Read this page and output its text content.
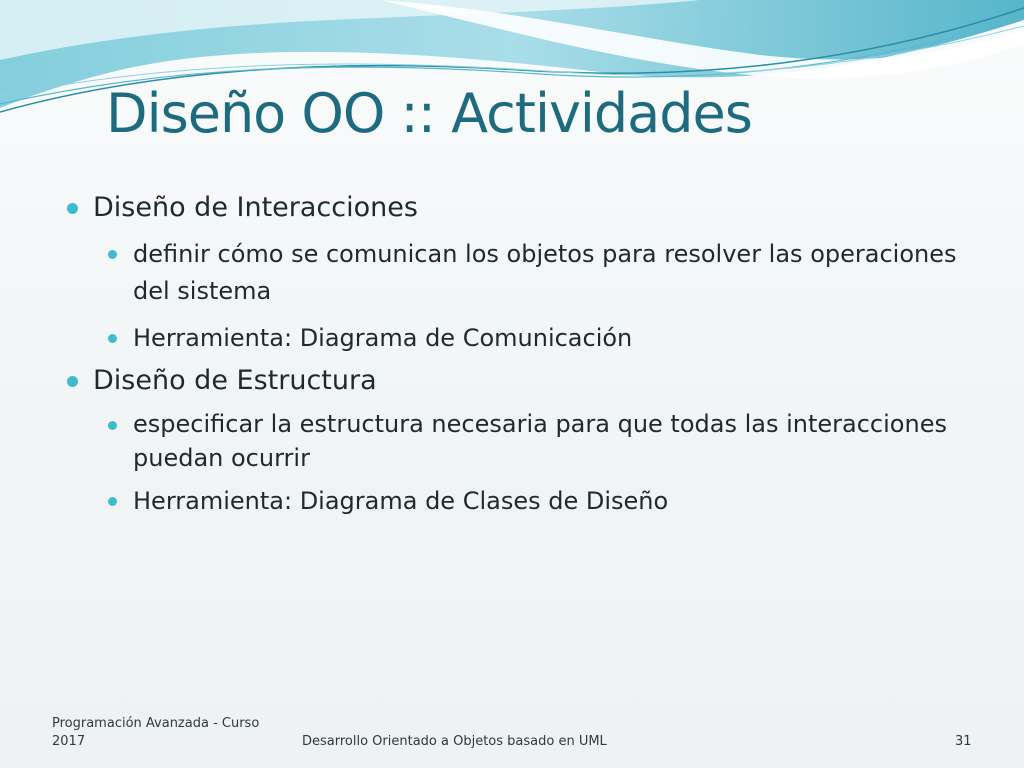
Diseño OO :: Actividades

Diseño de Interacciones

definir cómo se comunican los objetos para resolver las operaciones del sistema

Herramienta: Diagrama de Comunicación

Diseño de Estructura

especificar la estructura necesaria para que todas las interacciones puedan ocurrir

Herramienta: Diagrama de Clases de Diseño

Programación Avanzada - Curso
2017	Desarrollo Orientado a Objetos basado en UML	31
